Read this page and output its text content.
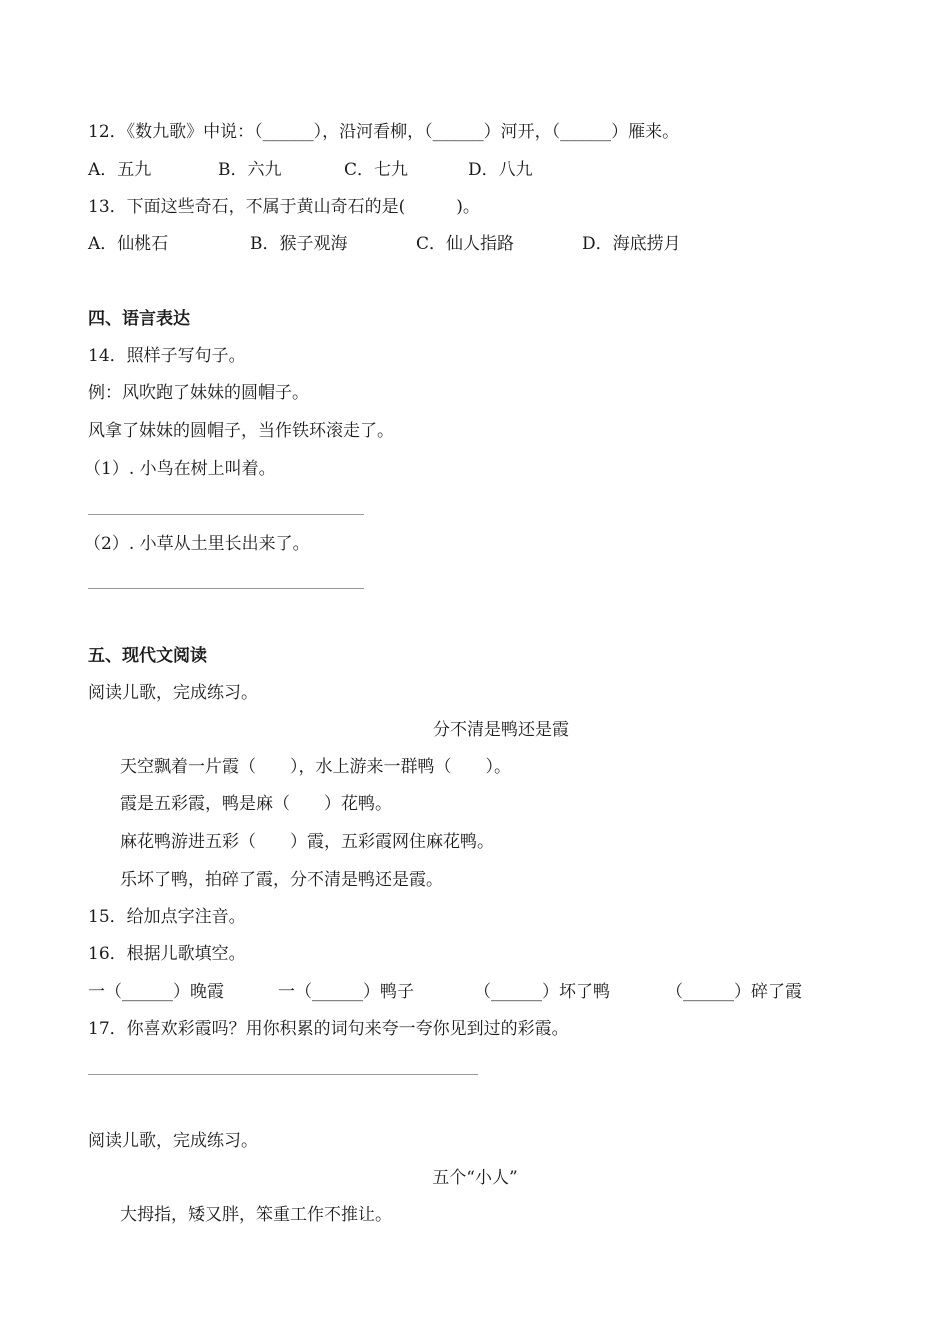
12．《数九歌》中说：（______），沿河看柳，（______）河开，（______）雁来。
A．五九	B．六九	C．七九	D．八九
13．下面这些奇石，不属于黄山奇石的是(　　　)。
A．仙桃石	B．猴子观海	C．仙人指路	D．海底捞月
四、语言表达
14．照样子写句子。
例：风吹跑了妹妹的圆帽子。
风拿了妹妹的圆帽子，当作铁环滚走了。
（1）. 小鸟在树上叫着。
（2）. 小草从土里长出来了。
五、现代文阅读
阅读儿歌，完成练习。
分不清是鸭还是霞
天空飘着一片霞（　　），水上游来一群鸭（　　）。
霞是五彩霞，鸭是麻（　　）花鸭。
麻花鸭游进五彩（　　）霞，五彩霞网住麻花鸭。
乐坏了鸭，拍碎了霞，分不清是鸭还是霞。
15．给加点字注音。
16．根据儿歌填空。
一（______）晚霞	一（______）鸭子	（______）坏了鸭	（______）碎了霞
17．你喜欢彩霞吗？用你积累的词句来夸一夸你见到过的彩霞。
阅读儿歌，完成练习。
五个“小人”
大拇指，矮又胖，笨重工作不推让。
